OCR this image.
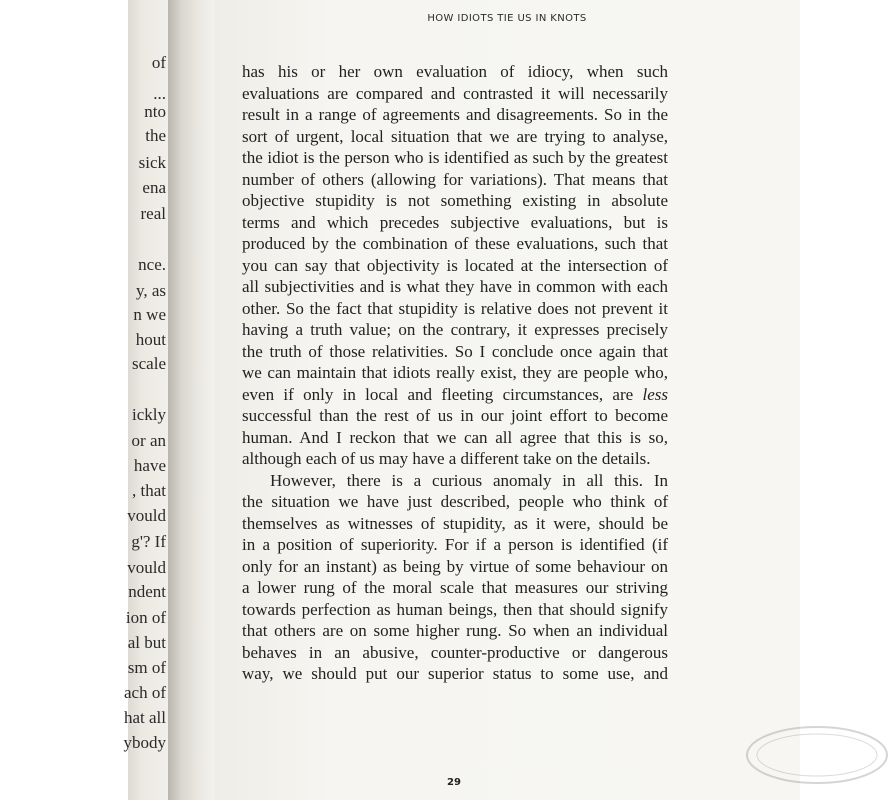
of
...
nto
the
sick
ena
real
nce.
y, as
n we
hout
scale
ickly
or an
have
, that
vould
g'? If
vould
ndent
ion of
al but
sm of
ach of
hat all
ybody
HOW IDIOTS TIE US IN KNOTS
has his or her own evaluation of idiocy, when such
evaluations are compared and contrasted it will necessarily
result in a range of agreements and disagreements. So in the
sort of urgent, local situation that we are trying to analyse,
the idiot is the person who is identified as such by the greatest
number of others (allowing for variations). That means that
objective stupidity is not something existing in absolute
terms and which precedes subjective evaluations, but is
produced by the combination of these evaluations, such that
you can say that objectivity is located at the intersection of
all subjectivities and is what they have in common with each
other. So the fact that stupidity is relative does not prevent it
having a truth value; on the contrary, it expresses precisely
the truth of those relativities. So I conclude once again that
we can maintain that idiots really exist, they are people who,
even if only in local and fleeting circumstances, are less
successful than the rest of us in our joint effort to become
human. And I reckon that we can all agree that this is so,
although each of us may have a different take on the details.
However, there is a curious anomaly in all this. In
the situation we have just described, people who think of
themselves as witnesses of stupidity, as it were, should be
in a position of superiority. For if a person is identified (if
only for an instant) as being by virtue of some behaviour on
a lower rung of the moral scale that measures our striving
towards perfection as human beings, then that should signify
that others are on some higher rung. So when an individual
behaves in an abusive, counter-productive or dangerous
way, we should put our superior status to some use, and
29
